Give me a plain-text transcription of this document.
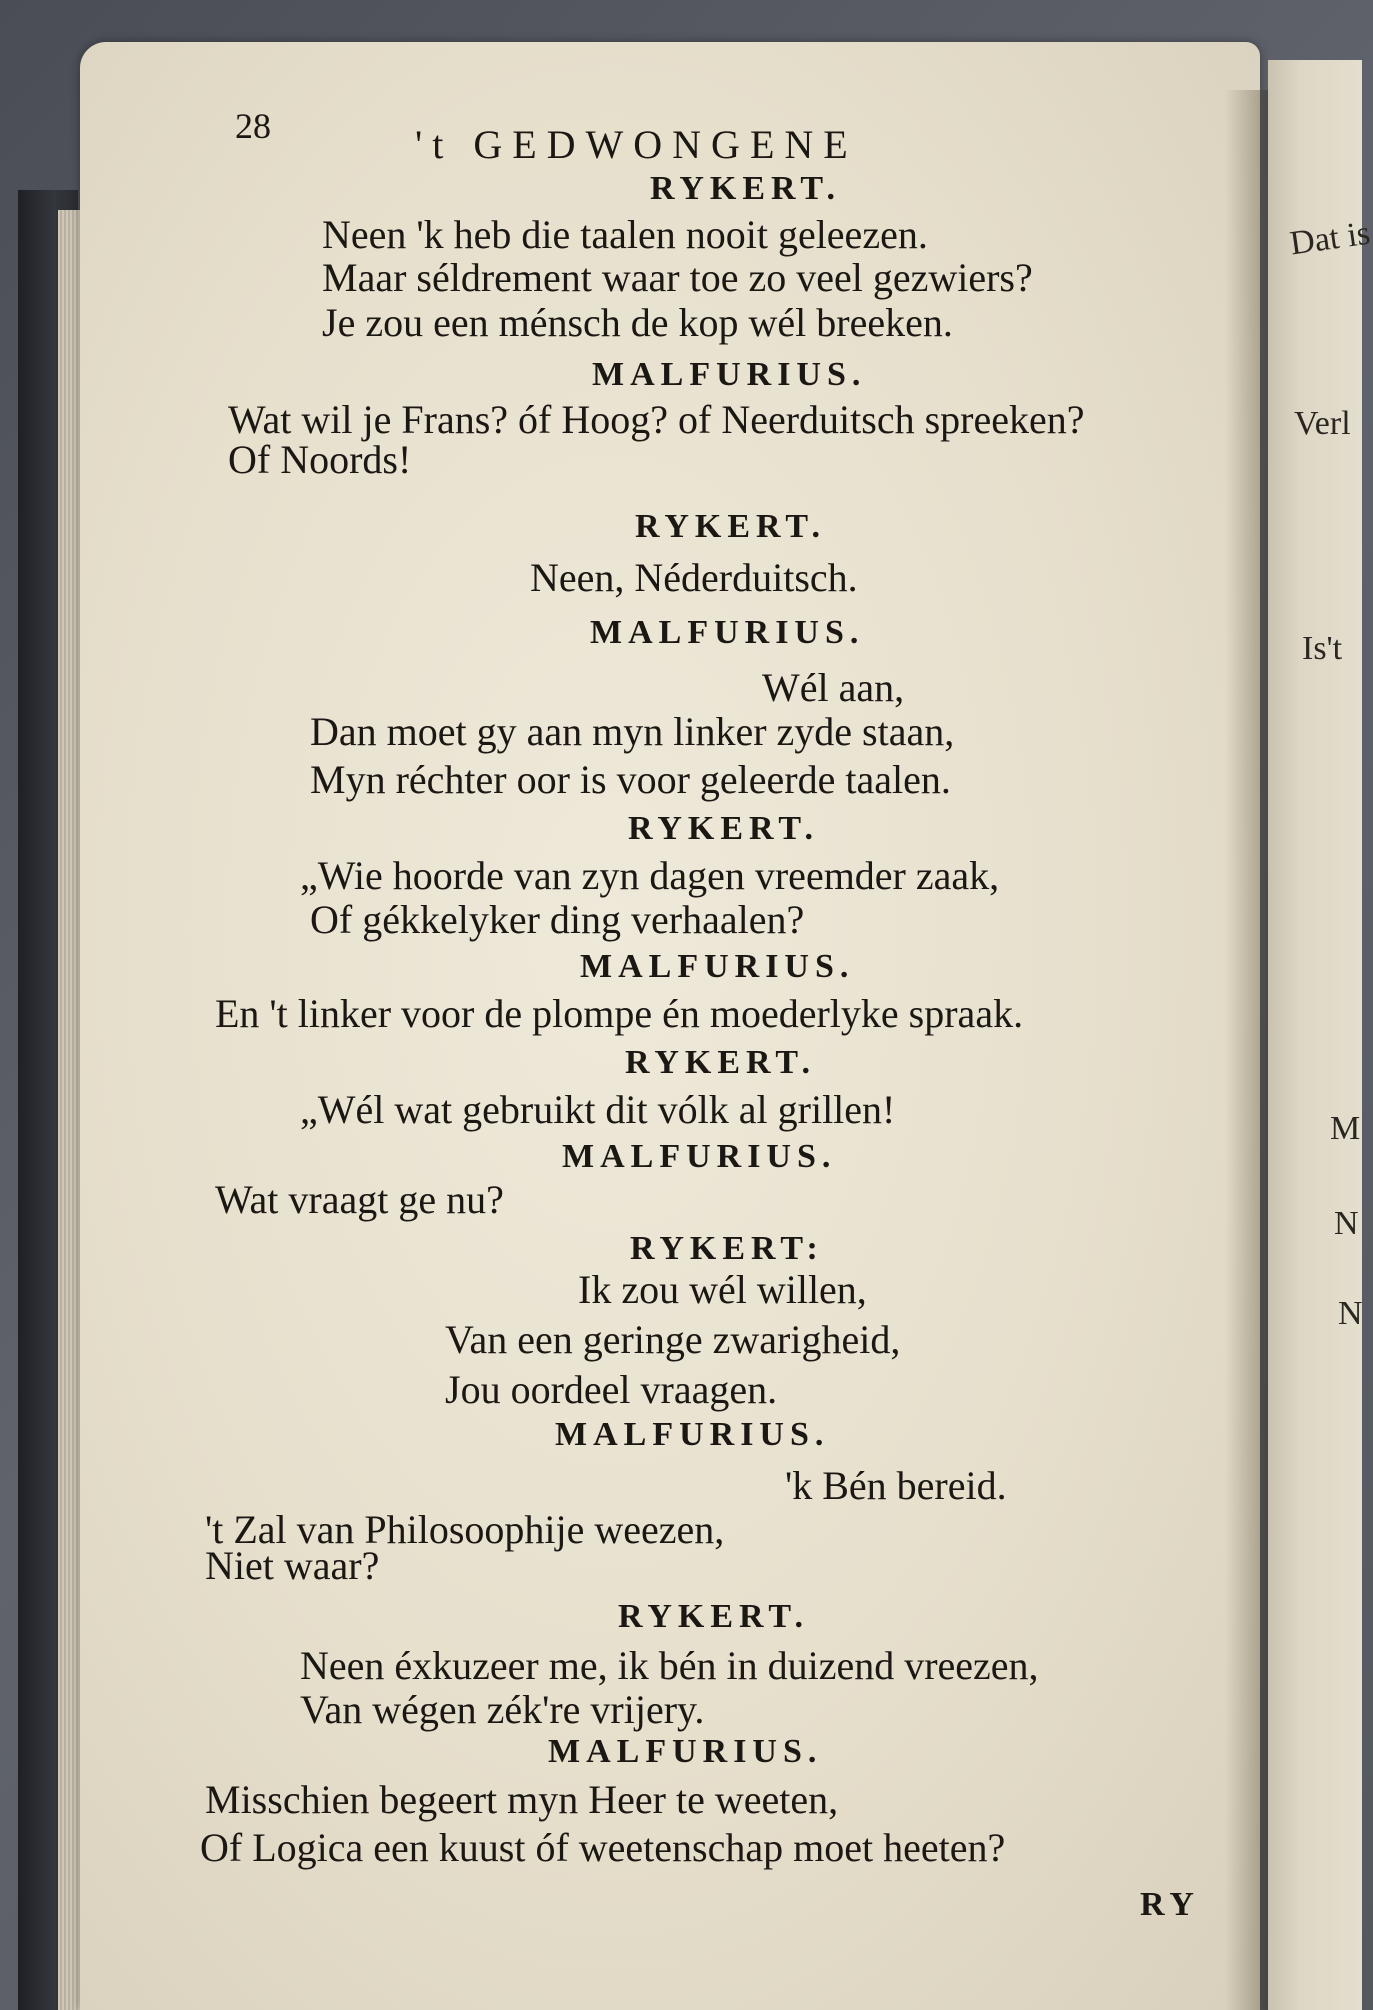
Dat is
Verl
Is't
M
N
N
28	't GEDWONGENE
RYKERT.
Neen 'k heb die taalen nooit geleezen.
Maar séldrement waar toe zo veel gezwiers?
Je zou een ménsch de kop wél breeken.
MALFURIUS.
Wat wil je Frans? óf Hoog? of Neerduitsch spreeken?
Of Noords!
RYKERT.
Neen, Néderduitsch.
MALFURIUS.
Wél aan,
Dan moet gy aan myn linker zyde staan,
Myn réchter oor is voor geleerde taalen.
RYKERT.
„Wie hoorde van zyn dagen vreemder zaak,
Of gékkelyker ding verhaalen?
MALFURIUS.
En 't linker voor de plompe én moederlyke spraak.
RYKERT.
„Wél wat gebruikt dit vólk al grillen!
MALFURIUS.
Wat vraagt ge nu?
RYKERT:
Ik zou wél willen,
Van een geringe zwarigheid,
Jou oordeel vraagen.
MALFURIUS.
'k Bén bereid.
't Zal van Philosoophije weezen,
Niet waar?
RYKERT.
Neen éxkuzeer me, ik bén in duizend vreezen,
Van wégen zék're vrijery.
MALFURIUS.
Misschien begeert myn Heer te weeten,
Of Logica een kuust óf weetenschap moet heeten?
RY
